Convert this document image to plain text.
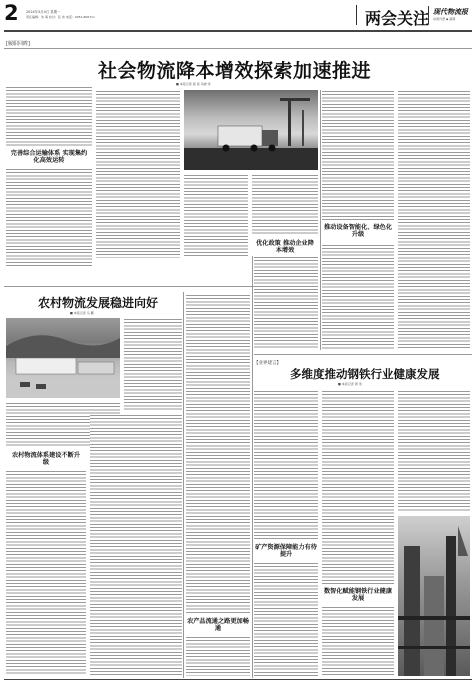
2 2024年3月4日 星期一
责任编辑：朱 海 校对：张 伟 电话：0451-8007xx	两会关注 现代物流报
每周刊登 ◆ 第期
[履职回眸]
社会物流降本增效探索加速推进
■ 本报记者 程 寅 马晓 洋
完善综合运输体系 实现集约化高效运转
优化政策 推动企业降本增效
推动设备智能化、绿色化升级
农村物流发展稳进向好
■ 本报记者 马 鹏
农村物流体系建设不断升级
农产品流通之路更加畅通
【业界建言】
多维度推动钢铁行业健康发展
■ 本报记者 周 涛
矿产资源保障能力有待提升
数智化赋能钢铁行业健康发展
